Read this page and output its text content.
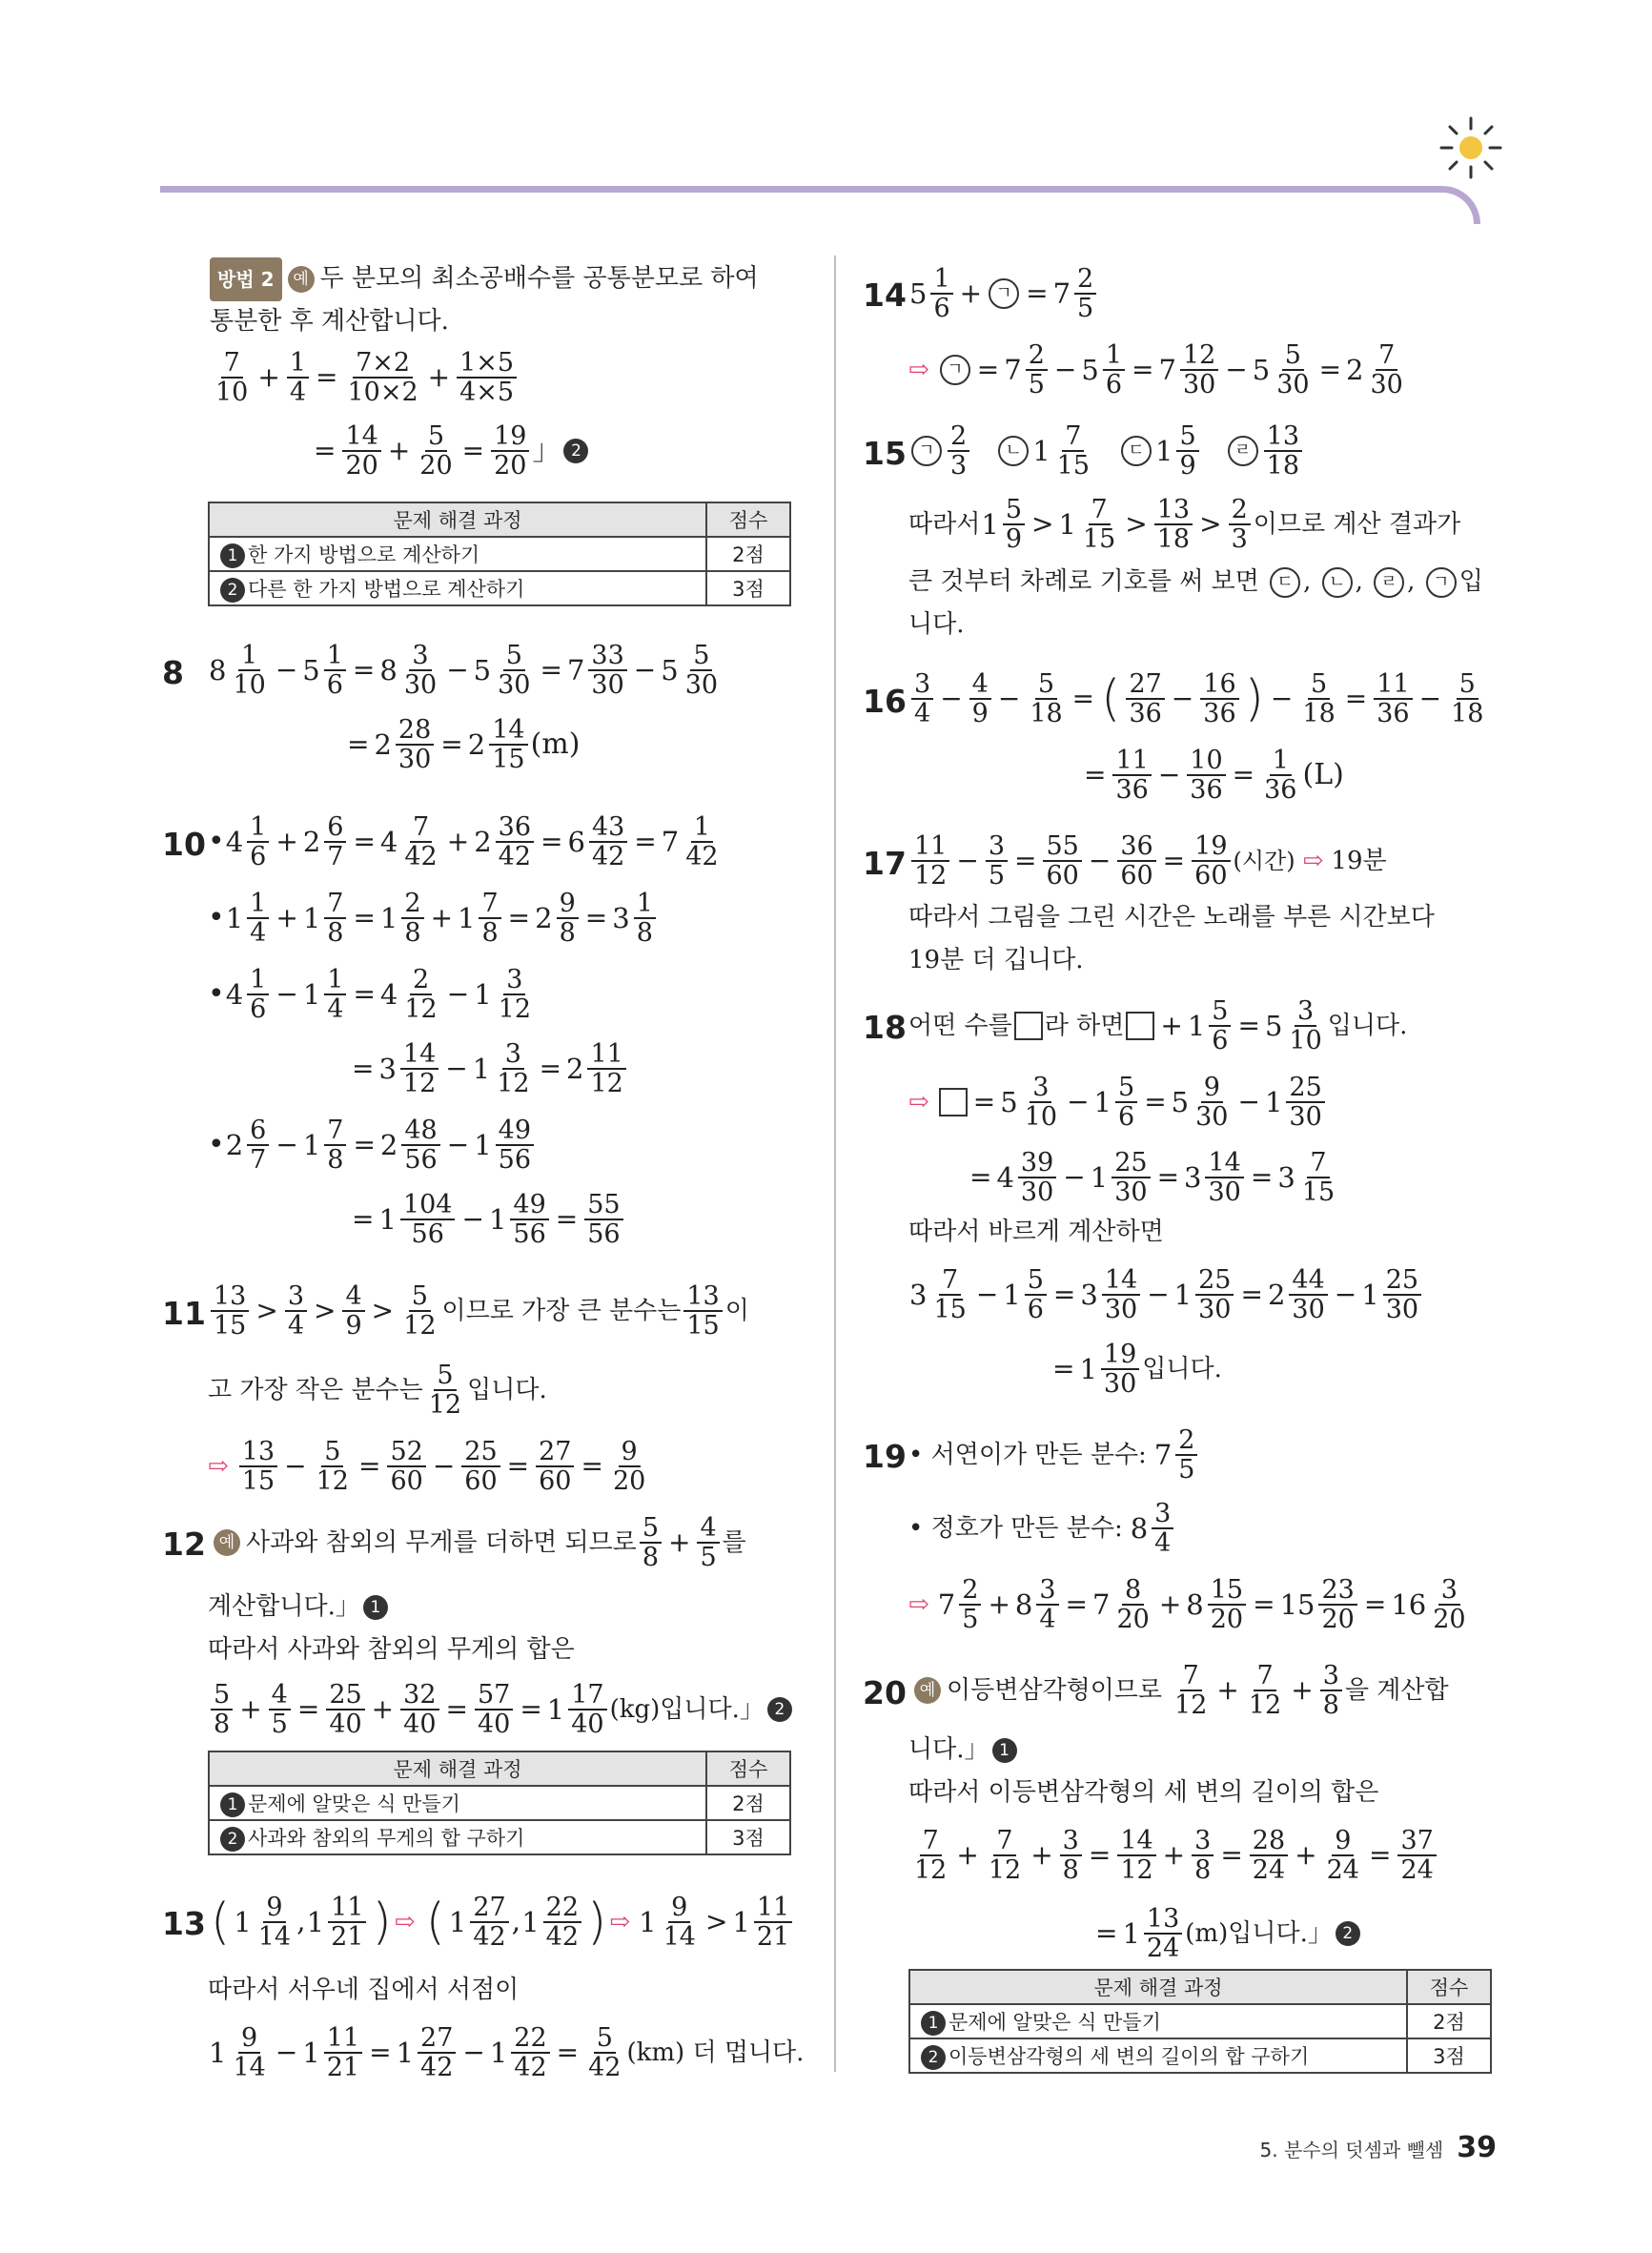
방법 2 예 두 분모의 최소공배수를 공통분모로 하여
통분한 후 계산합니다.
7
$10 + \frac{1}{4} = \frac{7\times 2}{10\times 2} + \frac{1\times 5}{4\times 5}$
= $\frac{14}{20} + \frac{5}{20} = \frac{19}{20}$ 」 2
문제 해결 과정	점수
1 한 가지 방법으로 계산하기	2점
2 다른 한 가지 방법으로 계산하기	3점
8 8 1
$10 - 5 \frac{1}{6} = 8$ 3
$30 - 5 \frac{5}{30} = 7$ 33
30 − 5 5
30
= $2 \frac{28}{30} = 2$ 14
15 (m)
10 • 4 1
$6 + 2 \frac{6}{7} = 4$ 7
$42 + 2 \frac{36}{42} = 6 \frac{43}{42} = 7$ 1
42
• 1 1
$4 + 1 \frac{7}{8} = 1$ 2
$8 + 1 \frac{7}{8} = 2 \frac{9}{8} = 3$ 1
8
• 4 1
$6 - 1 \frac{1}{4} = 4$ 2
12 − 1 3
12
= 3 14
$12 - 1 \frac{3}{12} = 2$ 11
12
• 2 6
$7 - 1 \frac{7}{8} = 2$ 48
56 − 1 49
56
= 1 104
$56 - 1 \frac{49}{56} = \frac{55}{56}$
11 13
15 > 3
4 > 4
9 > 5
12 이므로 가장 큰 분수는 13
15 이
고 가장 작은 분수는 5
12 입니다.
⇨ 13
$15 - \frac{5}{12} = \frac{52}{60} - \frac{25}{60} = \frac{27}{60} = \frac{9}{20}$
12 예 사과와 참외의 무게를 더하면 되므로 5
$8 + \frac{4}{5}$ 를
계산합니다.」 1
따라서 사과와 참외의 무게의 합은
5
$8 + \frac{4}{5} = \frac{25}{40} + \frac{32}{40} = \frac{57}{40} = 1$ 17
40 (kg)입니다.」 2
문제 해결 과정	점수
1 문제에 알맞은 식 만들기	2점
2 사과와 참외의 무게의 합 구하기	3점
13 ( 1 9
14 , 1 11
21 ) ⇨ ( 1 27
42 , 1 22
42 ) ⇨ 1 9
14 > 1 11
21
따라서 서우네 집에서 서점이
1 9
$14 - 1 \frac{11}{21} = 1$ 27
$42 - 1 \frac{22}{42} = \frac{5}{42} (km)$ 더 멉니다.
14 5 1
6 + ㄱ = 7 2
5
⇨	ㄱ = 7 2
$5 - 5 \frac{1}{6} = 7$ 12
$30 - 5 \frac{5}{30} = 2$ 7
30
15 ㄱ 2
3
ㄴ 1 7
15
ㄷ 1 5
9
ㄹ 13
18
따라서 1 5
9 > 1 7
15 > 13
18 > 2
3 이므로 계산 결과가
큰 것부터 차례로 기호를 써 보면 ㄷ , ㄴ , ㄹ , ㄱ 입
니다.
16 3
$4 - \frac{4}{9} - \frac{5}{18}$ = ( 27
$36 - \frac{16}{36}$ ) − $\frac{5}{18} = \frac{11}{36} - \frac{5}{18}$
= $\frac{11}{36} - \frac{10}{36} = \frac{1}{36} (L)$
17 11
$12 - \frac{3}{5} = \frac{55}{60} - \frac{36}{60} = \frac{19}{60}$ (시간) ⇨ 19분
따라서 그림을 그린 시간은 노래를 부른 시간보다
19분 더 깁니다.
18 어떤 수를 라 하면 + $1 \frac{5}{6} = 5$ 3
10 입니다.
⇨ = 5 3
$10 - 1 \frac{5}{6} = 5$ 9
30 − 1 25
30
= 4 39
$30 - 1 \frac{25}{30} = 3 \frac{14}{30} = 3$ 7
15
따라서 바르게 계산하면
3 7
$15 - 1 \frac{5}{6} = 3$ 14
$30 - 1 \frac{25}{30} = 2$ 44
30 − 1 25
30
= 1 19
30 입니다.
19 • 서연이가 만든 분수: 7 2
5
• 정호가 만든 분수: 8 3
4
⇨ 7 2
$5 + 8 \frac{3}{4} = 7$ 8
$20 + 8 \frac{15}{20} = 15 \frac{23}{20} = 16$ 3
20
20 예 이등변삼각형이므로 7
$12 + \frac{7}{12} + \frac{3}{8}$ 을 계산합
니다.」 1
따라서 이등변삼각형의 세 변의 길이의 합은
7
$12 + \frac{7}{12} + \frac{3}{8} = \frac{14}{12} + \frac{3}{8} = \frac{28}{24} + \frac{9}{24} = \frac{37}{24}$
= 1 13
24 (m)입니다.」 2
문제 해결 과정	점수
1 문제에 알맞은 식 만들기	2점
2 이등변삼각형의 세 변의 길이의 합 구하기	3점
5. 분수의 덧셈과 뺄셈 39
